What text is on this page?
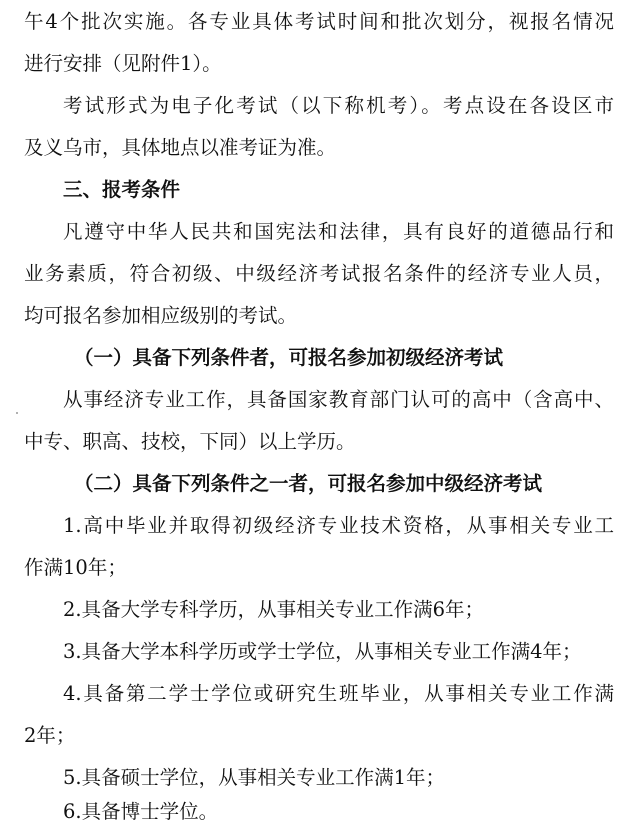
午4个批次实施。各专业具体考试时间和批次划分，视报名情况
进行安排（见附件1）。
考试形式为电子化考试（以下称机考）。考点设在各设区市
及义乌市，具体地点以准考证为准。
三、报考条件
凡遵守中华人民共和国宪法和法律，具有良好的道德品行和
业务素质，符合初级、中级经济考试报名条件的经济专业人员，
均可报名参加相应级别的考试。
（一）具备下列条件者，可报名参加初级经济考试
从事经济专业工作，具备国家教育部门认可的高中（含高中、
中专、职高、技校，下同）以上学历。
（二）具备下列条件之一者，可报名参加中级经济考试
1.高中毕业并取得初级经济专业技术资格，从事相关专业工
作满10年；
2.具备大学专科学历，从事相关专业工作满6年；
3.具备大学本科学历或学士学位，从事相关专业工作满4年；
4.具备第二学士学位或研究生班毕业，从事相关专业工作满
2年；
5.具备硕士学位，从事相关专业工作满1年；
6.具备博士学位。
